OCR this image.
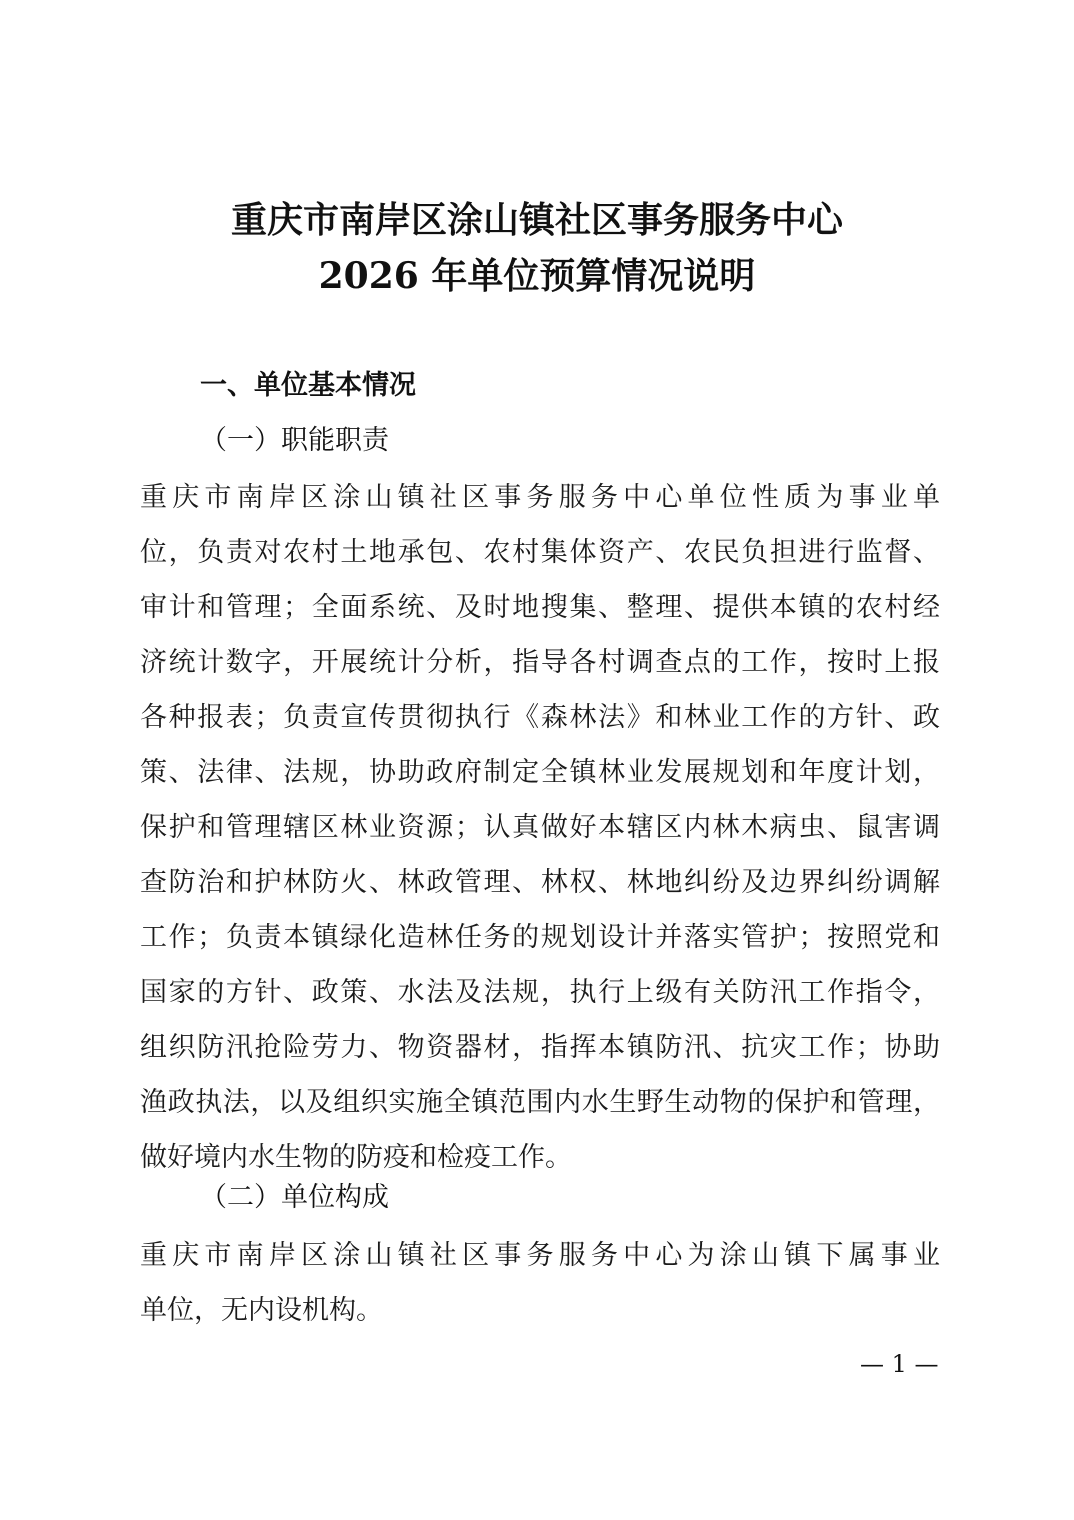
重庆市南岸区涂山镇社区事务服务中心
2026 年单位预算情况说明
一、单位基本情况
（一）职能职责
重庆市南岸区涂山镇社区事务服务中心单位性质为事业单
位，负责对农村土地承包、农村集体资产、农民负担进行监督、
审计和管理；全面系统、及时地搜集、整理、提供本镇的农村经
济统计数字，开展统计分析，指导各村调查点的工作，按时上报
各种报表；负责宣传贯彻执行《森林法》和林业工作的方针、政
策、法律、法规，协助政府制定全镇林业发展规划和年度计划，
保护和管理辖区林业资源；认真做好本辖区内林木病虫、鼠害调
查防治和护林防火、林政管理、林权、林地纠纷及边界纠纷调解
工作；负责本镇绿化造林任务的规划设计并落实管护；按照党和
国家的方针、政策、水法及法规，执行上级有关防汛工作指令，
组织防汛抢险劳力、物资器材，指挥本镇防汛、抗灾工作；协助
渔政执法，以及组织实施全镇范围内水生野生动物的保护和管理，
做好境内水生物的防疫和检疫工作。
（二）单位构成
重庆市南岸区涂山镇社区事务服务中心为涂山镇下属事业
单位，无内设机构。
— 1 —
